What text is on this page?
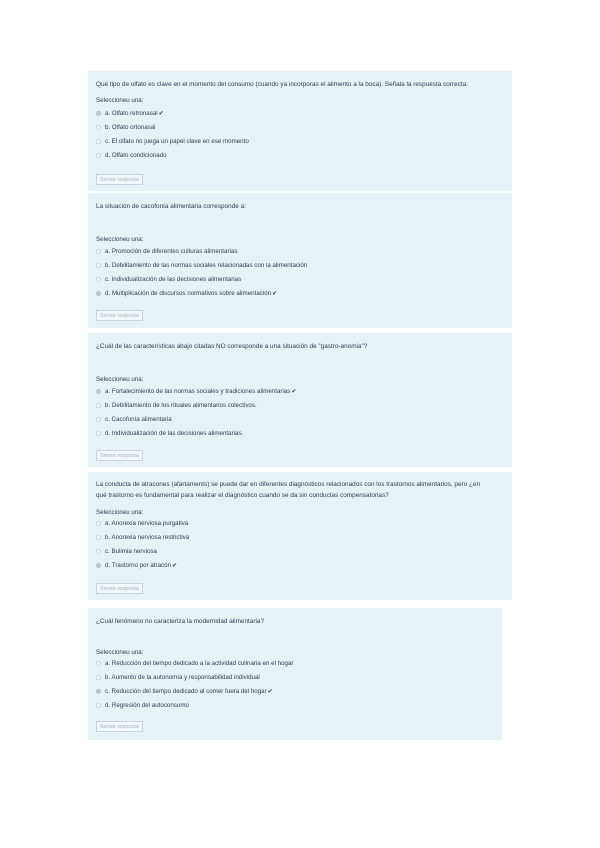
Qué tipo de olfato es clave en el momento del consumo (cuando ya incorporas el alimento a la boca). Señala la respuesta correcta:
Seleccioneu una:
a. Olfato retronasal ✔
b. Olfato ortonasal
c. El olfato no juega un papel clave en ese momento
d. Olfato condicionado
Sense resposta
La situación de cacofonía alimentaria corresponde a:
Seleccioneu una:
a. Promoción de diferentes culturas alimentarias
b. Debilitamiento de las normas sociales relacionadas con la alimentación
c. Individualización de las decisiones alimentarias
d. Multiplicación de discursos normativos sobre alimentación ✔
Sense resposta
¿Cuál de las características abajo citadas NO corresponde a una situación de "gastro-anomia"?
Seleccioneu una:
a. Fortalecimiento de las normas sociales y tradiciones alimentarias ✔
b. Debilitamiento de los rituales alimentarios colectivos.
c. Cacofonía alimentaria
d. Individualización de las decisiones alimentarias.
Sense resposta
La conducta de atracones (afartaments) se puede dar en diferentes diagnósticos relacionados con los trastornos alimentarios, pero ¿en qué trastorno es fundamental para realizar el diagnóstico cuando se da sin conductas compensatorias?
Seleccioneu una:
a. Anorexia nerviosa purgativa
b. Anorexia nerviosa restrictiva
c. Bulimia nerviosa
d. Trastorno por atracón ✔
Sense resposta
¿Cuál fenómeno no caracteriza la modernidad alimentaria?
Seleccioneu una:
a. Reducción del tiempo dedicado a la actividad culinaria en el hogar
b. Aumento de la autonomía y responsabilidad individual
c. Reducción del tiempo dedicado al comer fuera del hogar ✔
d. Regresión del autoconsumo
Sense resposta
